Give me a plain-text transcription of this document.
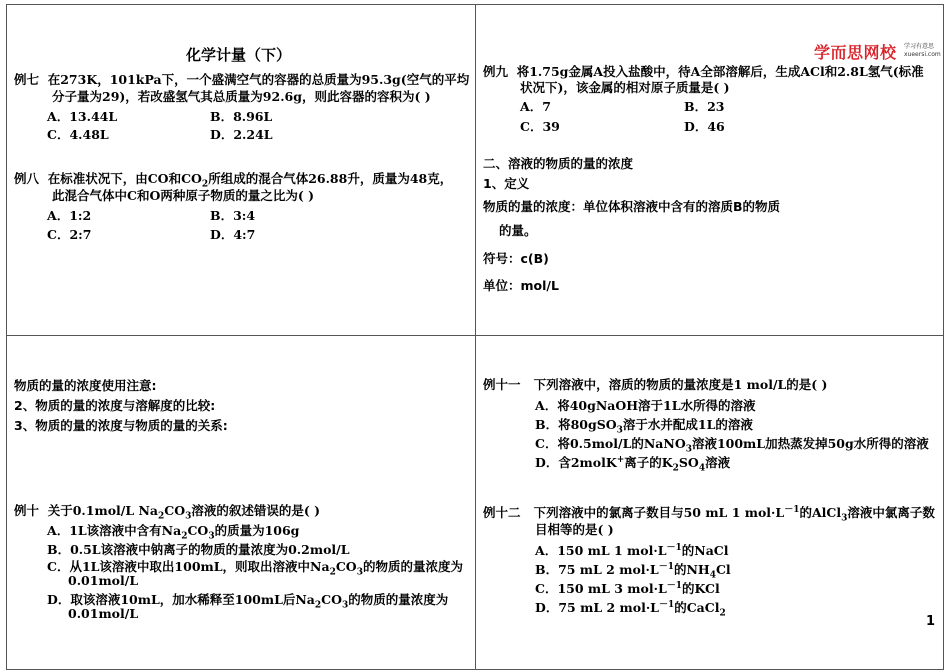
化学计量（下）
例七 在273K，101kPa下，一个盛满空气的容器的总质量为95.3g(空气的平均
分子量为29)，若改盛氢气其总质量为92.6g，则此容器的容积为( )
A．13.44L	B．8.96L
C．4.48L	D．2.24L
例八 在标准状况下，由CO和$CO_2$所组成的混合气体26.88升，质量为48克，
此混合气体中C和O两种原子物质的量之比为( )
A．1:2	B．3:4
C．2:7	D．4:7
学而思网校 学习有意思
xueersi.com
例九 将1.75g金属A投入盐酸中，待A全部溶解后，生成ACl和2.8L氢气(标准
状况下)，该金属的相对原子质量是( )
A．7	B．23
C．39	D．46
二、溶液的物质的量的浓度
1、定义
物质的量的浓度：单位体积溶液中含有的溶质B的物质
的量。
符号：c(B)
单位：mol/L
物质的量的浓度使用注意:
2、物质的量的浓度与溶解度的比较:
3、物质的量的浓度与物质的量的关系:
例十 关于0.1mol/L $Na_2CO_3$溶液的叙述错误的是( )
A．1L该溶液中含有$Na_2CO_3$的质量为106g
B．0.5L该溶液中钠离子的物质的量浓度为0.2mol/L
C．从1L该溶液中取出100mL，则取出溶液中$Na_2CO_3$的物质的量浓度为
0.01mol/L
D．取该溶液10mL，加水稀释至100mL后$Na_2CO_3$的物质的量浓度为
0.01mol/L
例十一 下列溶液中，溶质的物质的量浓度是1 mol/L的是( )
A．将40gNaOH溶于1L水所得的溶液
B．将80gSO$_3$溶于水并配成1L的溶液
C．将0.5mol/L的NaNO$_3$溶液100mL加热蒸发掉50g水所得的溶液
D．含2molK+离子的$K_2SO_4$溶液
例十二 下列溶液中的氯离子数目与50 mL 1 $mol\cdot L^{-1}$的AlCl$_3$溶液中氯离子数
目相等的是( )
A．150 mL 1 $mol\cdot L^{-1}$的NaCl
B．75 mL 2 $mol\cdot L^{-1}$的$NH_4Cl$
C．150 mL 3 $mol\cdot L^{-1}$的KCl
D．75 mL 2 $mol\cdot L^{-1}$的CaCl$_2$
1
